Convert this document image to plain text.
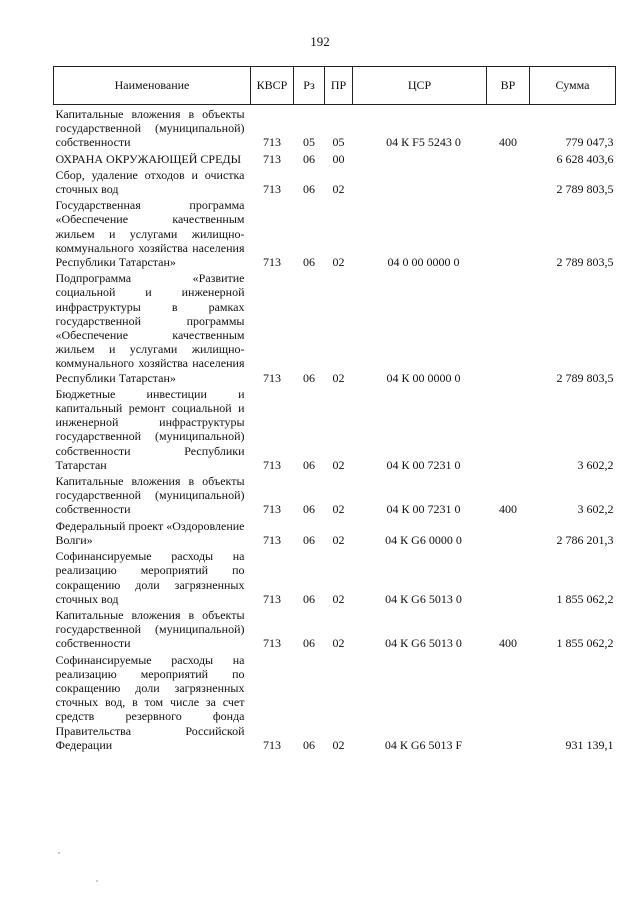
192
Наименование	КВСР	Рз	ПР	ЦСР	ВР	Сумма
Капитальные вложения в объекты государственной (муниципальной) собственности	713	05	05	04 К F5 5243 0	400	779 047,3
ОХРАНА ОКРУЖАЮЩЕЙ СРЕДЫ	713	06	00			6 628 403,6
Сбор, удаление отходов и очистка сточных вод	713	06	02			2 789 803,5
Государственная программа «Обеспечение качественным жильем и услугами жилищно-коммунального хозяйства населения Республики Татарстан»	713	06	02	04 0 00 0000 0		2 789 803,5
Подпрограмма «Развитие социальной и инженерной инфраструктуры в рамках государственной программы «Обеспечение качественным жильем и услугами жилищно-коммунального хозяйства населения Республики Татарстан»	713	06	02	04 К 00 0000 0		2 789 803,5
Бюджетные инвестиции и капитальный ремонт социальной и инженерной инфраструктуры государственной (муниципальной) собственности Республики Татарстан	713	06	02	04 К 00 7231 0		3 602,2
Капитальные вложения в объекты государственной (муниципальной) собственности	713	06	02	04 К 00 7231 0	400	3 602,2
Федеральный проект «Оздоровление Волги»	713	06	02	04 К G6 0000 0		2 786 201,3
Софинансируемые расходы на реализацию мероприятий по сокращению доли загрязненных сточных вод	713	06	02	04 К G6 5013 0		1 855 062,2
Капитальные вложения в объекты государственной (муниципальной) собственности	713	06	02	04 К G6 5013 0	400	1 855 062,2
Софинансируемые расходы на реализацию мероприятий по сокращению доли загрязненных сточных вод, в том числе за счет средств резервного фонда Правительства Российской Федерации	713	06	02	04 К G6 5013 F		931 139,1
